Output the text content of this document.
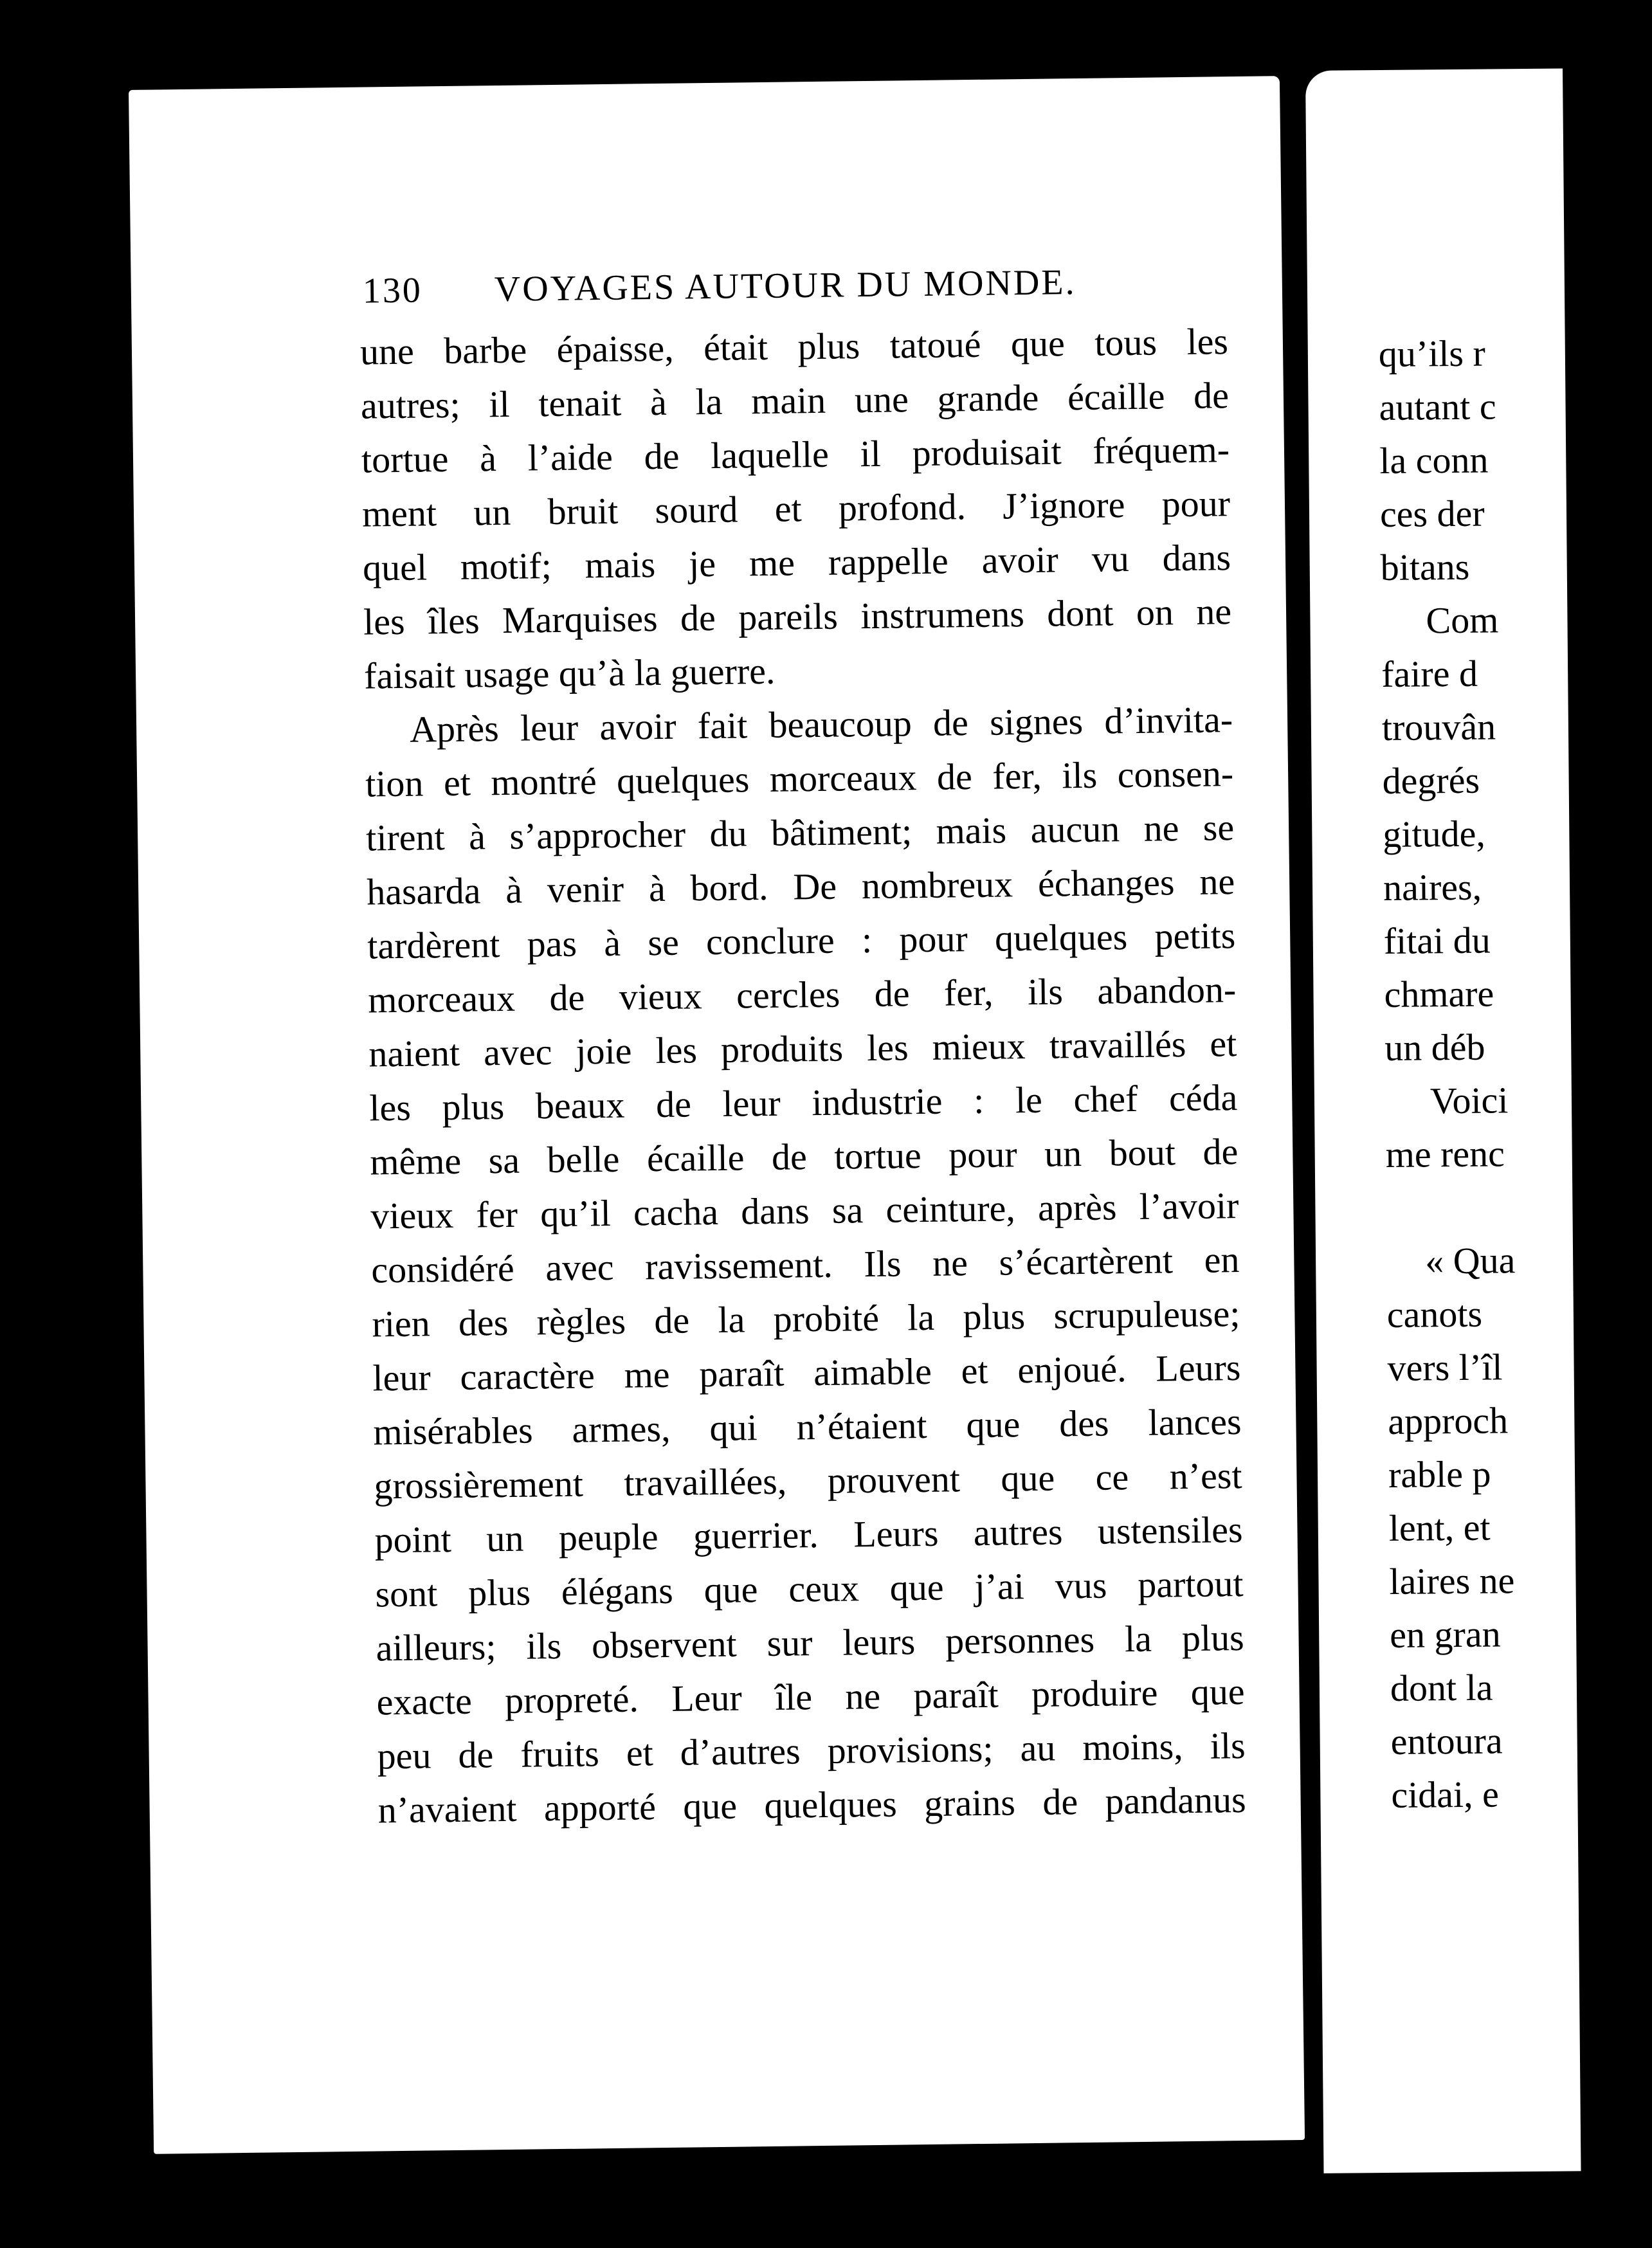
130 VOYAGES AUTOUR DU MONDE.
une barbe épaisse, était plus tatoué que tous les
autres; il tenait à la main une grande écaille de
tortue à l’aide de laquelle il produisait fréquem-
ment un bruit sourd et profond. J’ignore pour
quel motif; mais je me rappelle avoir vu dans
les îles Marquises de pareils instrumens dont on ne
faisait usage qu’à la guerre.
Après leur avoir fait beaucoup de signes d’invita-
tion et montré quelques morceaux de fer, ils consen-
tirent à s’approcher du bâtiment; mais aucun ne se
hasarda à venir à bord. De nombreux échanges ne
tardèrent pas à se conclure : pour quelques petits
morceaux de vieux cercles de fer, ils abandon-
naient avec joie les produits les mieux travaillés et
les plus beaux de leur industrie : le chef céda
même sa belle écaille de tortue pour un bout de
vieux fer qu’il cacha dans sa ceinture, après l’avoir
considéré avec ravissement. Ils ne s’écartèrent en
rien des règles de la probité la plus scrupuleuse;
leur caractère me paraît aimable et enjoué. Leurs
misérables armes, qui n’étaient que des lances
grossièrement travaillées, prouvent que ce n’est
point un peuple guerrier. Leurs autres ustensiles
sont plus élégans que ceux que j’ai vus partout
ailleurs; ils observent sur leurs personnes la plus
exacte propreté. Leur île ne paraît produire que
peu de fruits et d’autres provisions; au moins, ils
n’avaient apporté que quelques grains de pandanus
qu’ils r
autant c
la conn
ces der
bitans
Com
faire d
trouvân
degrés
gitude,
naires,
fitai du
chmare
un déb
Voici
me renc
« Qua
canots
vers l’îl
approch
rable p
lent, et
laires ne
en gran
dont la
entoura
cidai, e
